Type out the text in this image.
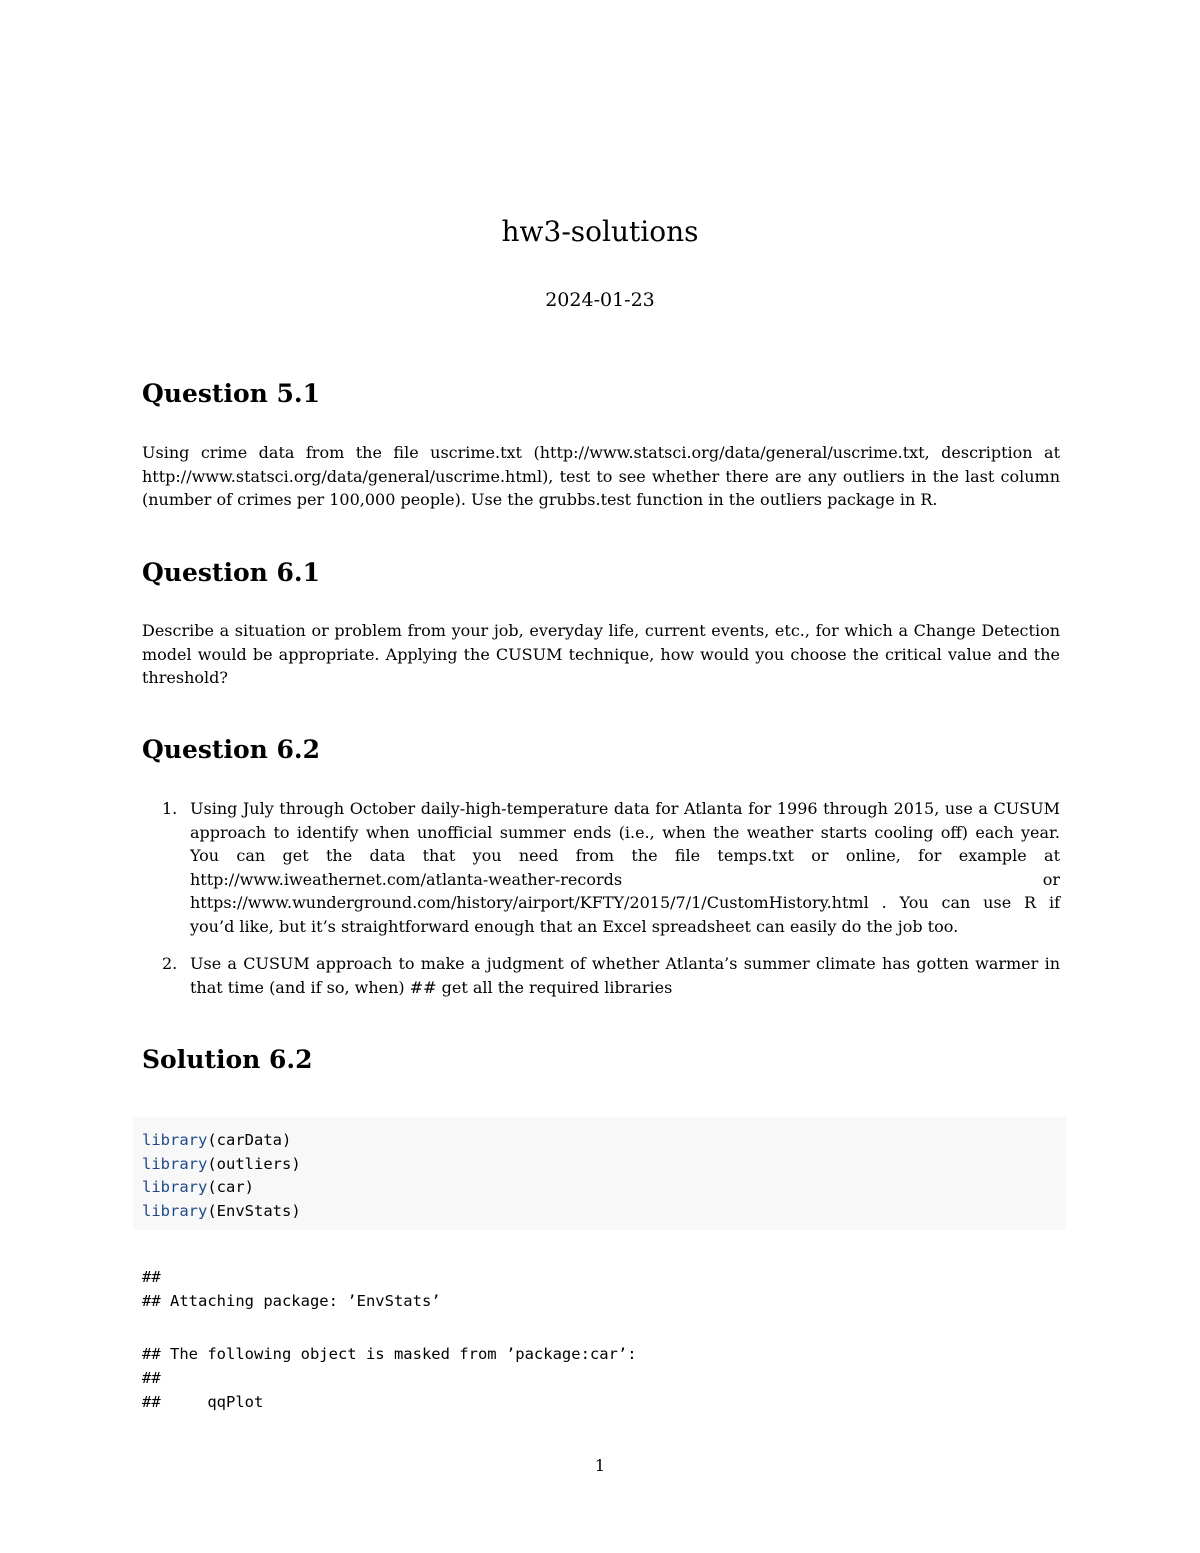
hw3-solutions
2024-01-23
Question 5.1

Using crime data from the file uscrime.txt (http://www.statsci.org/data/general/uscrime.txt, description at http://www.statsci.org/data/general/uscrime.html), test to see whether there are any outliers in the last column (number of crimes per 100,000 people). Use the grubbs.test function in the outliers package in R.

Question 6.1

Describe a situation or problem from your job, everyday life, current events, etc., for which a Change Detection model would be appropriate. Applying the CUSUM technique, how would you choose the critical value and the threshold?

Question 6.2
1. Using July through October daily-high-temperature data for Atlanta for 1996 through 2015, use a CUSUM approach to identify when unofficial summer ends (i.e., when the weather starts cooling off) each year. You can get the data that you need from the file temps.txt or online, for example at http://www.iweathernet.com/atlanta-weather-records or https://www.wunderground.com/history/airport/KFTY/2015/7/1/CustomHistory.html . You can use R if you’d like, but it’s straightforward enough that an Excel spreadsheet can easily do the job too.
2. Use a CUSUM approach to make a judgment of whether Atlanta’s summer climate has gotten warmer in that time (and if so, when) ## get all the required libraries
Solution 6.2
library(carData)
library(outliers)
library(car)
library(EnvStats)
##
## Attaching package: ’EnvStats’
## The following object is masked from ’package:car’:
##
##     qqPlot
1
